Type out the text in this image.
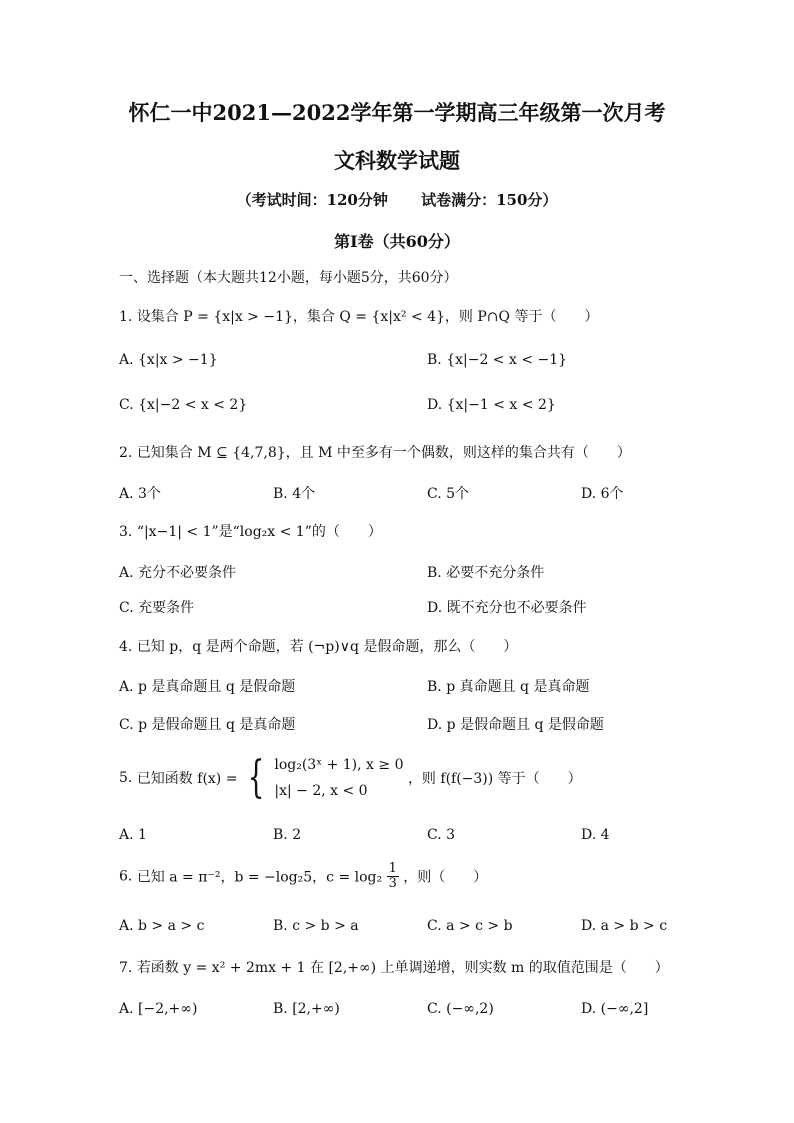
怀仁一中2021—2022学年第一学期高三年级第一次月考
文科数学试题
（考试时间：120分钟 试卷满分：150分）
第Ⅰ卷（共60分）
一、选择题（本大题共12小题，每小题5分，共60分）
1. 设集合 P = {x|x > −1}，集合 Q = {x|x² < 4}，则 P∩Q 等于（　　）
A. {x|x > −1}	B. {x|−2 < x < −1}
C. {x|−2 < x < 2}	D. {x|−1 < x < 2}
2. 已知集合 M ⊆ {4,7,8}，且 M 中至多有一个偶数，则这样的集合共有（　　）
A. 3个	B. 4个	C. 5个	D. 6个
3. “|x−1| < 1”是“log₂x < 1”的（　　）
A. 充分不必要条件	B. 必要不充分条件
C. 充要条件	D. 既不充分也不必要条件
4. 已知 p，q 是两个命题，若 (¬p)∨q 是假命题，那么（　　）
A. p 是真命题且 q 是假命题	B. p 真命题且 q 是真命题
C. p 是假命题且 q 是真命题	D. p 是假命题且 q 是假命题
5. 已知函数 f(x) = { log₂(3ˣ + 1), x ≥ 0
|x| − 2, x < 0
，则 f(f(−3)) 等于（　　）
A. 1	B. 2	C. 3	D. 4
6. 已知 a = π⁻²，b = −log₂5，$c = \log_2 \frac{1}{3}$ ，则（　　）
A. b > a > c	B. c > b > a	C. a > c > b	D. a > b > c
7. 若函数 y = x² + 2mx + 1 在 [2,+∞) 上单调递增，则实数 m 的取值范围是（　　）
A. [−2,+∞)	B. [2,+∞)	C. (−∞,2)	D. (−∞,2]
